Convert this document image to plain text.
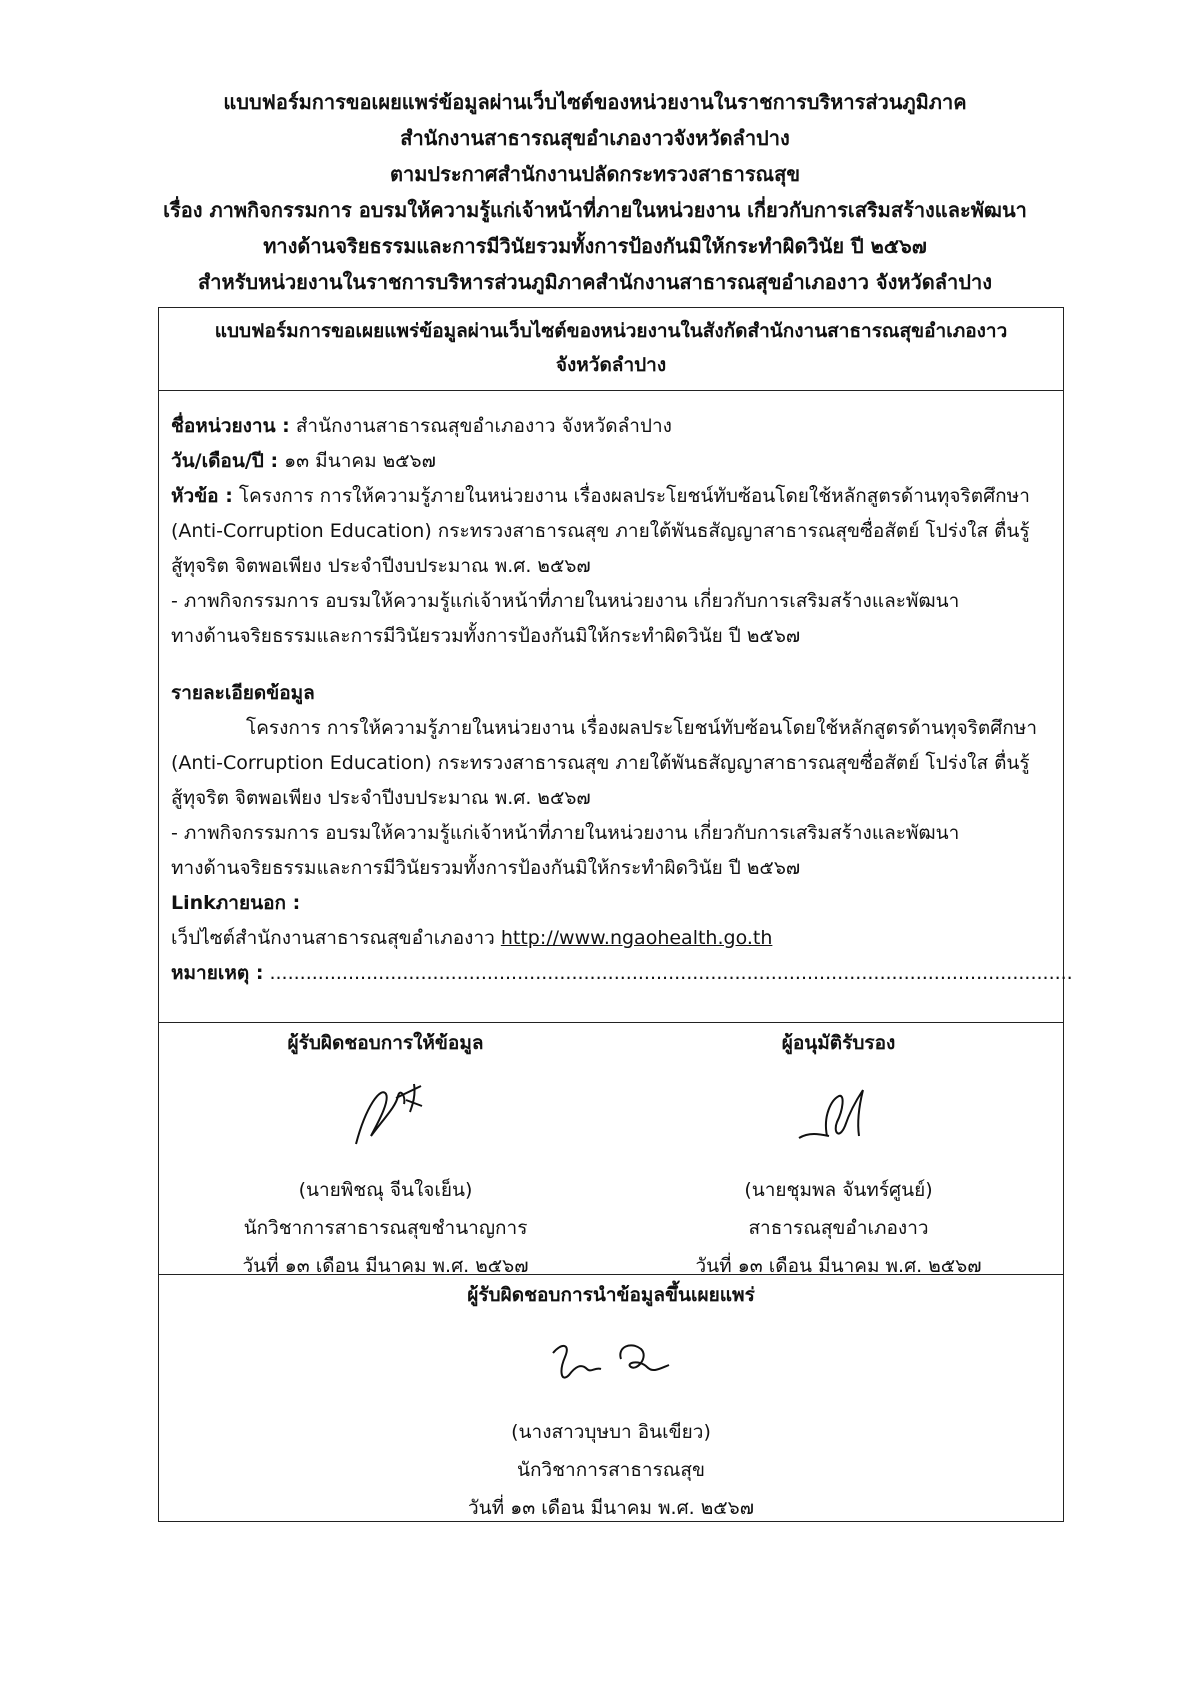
แบบฟอร์มการขอเผยแพร่ข้อมูลผ่านเว็บไซต์ของหน่วยงานในราชการบริหารส่วนภูมิภาค
สำนักงานสาธารณสุขอำเภองาวจังหวัดลำปาง
ตามประกาศสำนักงานปลัดกระทรวงสาธารณสุข
เรื่อง ภาพกิจกรรมการ อบรมให้ความรู้แก่เจ้าหน้าที่ภายในหน่วยงาน เกี่ยวกับการเสริมสร้างและพัฒนา
ทางด้านจริยธรรมและการมีวินัยรวมทั้งการป้องกันมิให้กระทำผิดวินัย ปี ๒๕๖๗
สำหรับหน่วยงานในราชการบริหารส่วนภูมิภาคสำนักงานสาธารณสุขอำเภองาว จังหวัดลำปาง
แบบฟอร์มการขอเผยแพร่ข้อมูลผ่านเว็บไซต์ของหน่วยงานในสังกัดสำนักงานสาธารณสุขอำเภองาว
จังหวัดลำปาง
ชื่อหน่วยงาน : สำนักงานสาธารณสุขอำเภองาว จังหวัดลำปาง
วัน/เดือน/ปี : ๑๓ มีนาคม ๒๕๖๗
หัวข้อ : โครงการ การให้ความรู้ภายในหน่วยงาน เรื่องผลประโยชน์ทับซ้อนโดยใช้หลักสูตรด้านทุจริตศึกษา
(Anti-Corruption Education) กระทรวงสาธารณสุข ภายใต้พันธสัญญาสาธารณสุขซื่อสัตย์ โปร่งใส ตื่นรู้
สู้ทุจริต จิตพอเพียง ประจำปีงบประมาณ พ.ศ. ๒๕๖๗
- ภาพกิจกรรมการ อบรมให้ความรู้แก่เจ้าหน้าที่ภายในหน่วยงาน เกี่ยวกับการเสริมสร้างและพัฒนา
ทางด้านจริยธรรมและการมีวินัยรวมทั้งการป้องกันมิให้กระทำผิดวินัย ปี ๒๕๖๗
รายละเอียดข้อมูล
โครงการ การให้ความรู้ภายในหน่วยงาน เรื่องผลประโยชน์ทับซ้อนโดยใช้หลักสูตรด้านทุจริตศึกษา
(Anti-Corruption Education) กระทรวงสาธารณสุข ภายใต้พันธสัญญาสาธารณสุขซื่อสัตย์ โปร่งใส ตื่นรู้
สู้ทุจริต จิตพอเพียง ประจำปีงบประมาณ พ.ศ. ๒๕๖๗
- ภาพกิจกรรมการ อบรมให้ความรู้แก่เจ้าหน้าที่ภายในหน่วยงาน เกี่ยวกับการเสริมสร้างและพัฒนา
ทางด้านจริยธรรมและการมีวินัยรวมทั้งการป้องกันมิให้กระทำผิดวินัย ปี ๒๕๖๗
Linkภายนอก :
เว็ปไซต์สำนักงานสาธารณสุขอำเภองาว http://www.ngaohealth.go.th
หมายเหตุ : .....................................................................................................................................
ผู้รับผิดชอบการให้ข้อมูล
(นายพิชณุ จีนใจเย็น)
นักวิชาการสาธารณสุขชำนาญการ
วันที่ ๑๓ เดือน มีนาคม พ.ศ. ๒๕๖๗
ผู้อนุมัติรับรอง
(นายชุมพล จันทร์ศูนย์)
สาธารณสุขอำเภองาว
วันที่ ๑๓ เดือน มีนาคม พ.ศ. ๒๕๖๗
ผู้รับผิดชอบการนำข้อมูลขึ้นเผยแพร่
(นางสาวบุษบา อินเขียว)
นักวิชาการสาธารณสุข
วันที่ ๑๓ เดือน มีนาคม พ.ศ. ๒๕๖๗
